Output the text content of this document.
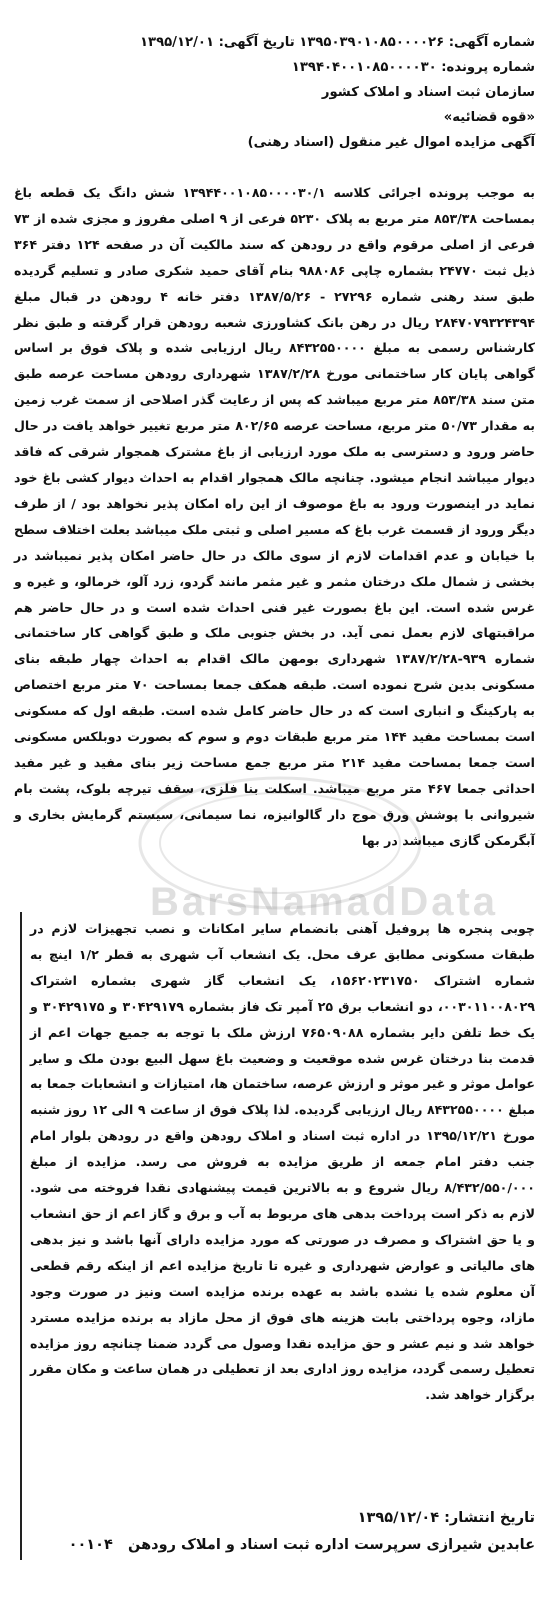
شماره آگهی: ۱۳۹۵۰۳۹۰۱۰۸۵۰۰۰۰۲۶ تاریخ آگهی: ۱۳۹۵/۱۲/۰۱
شماره پرونده: ۱۳۹۴۰۴۰۰۱۰۸۵۰۰۰۰۳۰
سازمان ثبت اسناد و املاک کشور
«قوه قضائیه»
آگهی مزایده اموال غیر منقول (اسناد رهنی)
به موجب پرونده اجرائی کلاسه ۱۳۹۴۴۰۰۱۰۸۵۰۰۰۰۳۰/۱ شش دانگ یک قطعه باغ بمساحت ۸۵۳/۳۸ متر مربع به پلاک ۵۲۳۰ فرعی از ۹ اصلی مفروز و مجزی شده از ۷۳ فرعی از اصلی مرقوم واقع در رودهن که سند مالکیت آن در صفحه ۱۲۴ دفتر ۳۶۴ ذیل ثبت ۲۴۷۷۰ بشماره چاپی ۹۸۸۰۸۶ بنام آقای حمید شکری صادر و تسلیم گردیده طبق سند رهنی شماره ۲۷۲۹۶ - ۱۳۸۷/۵/۲۶ دفتر خانه ۴ رودهن در قبال مبلغ ۲۸۴۷۰۷۹۳۲۴۳۹۴ ریال در رهن بانک کشاورزی شعبه رودهن قرار گرفته و طبق نظر کارشناس رسمی به مبلغ ۸۴۳۲۵۵۰۰۰۰ ریال ارزیابی شده و پلاک فوق بر اساس گواهی پایان کار ساختمانی مورخ ۱۳۸۷/۲/۲۸ شهرداری رودهن مساحت عرصه طبق متن سند ۸۵۳/۳۸ متر مربع میباشد که پس از رعایت گذر اصلاحی از سمت غرب زمین به مقدار ۵۰/۷۳ متر مربع، مساحت عرصه ۸۰۲/۶۵ متر مربع تغییر خواهد یافت در حال حاضر ورود و دسترسی به ملک مورد ارزیابی از باغ مشترک همجوار شرقی که فاقد دیوار میباشد انجام میشود. چنانچه مالک همجوار اقدام به احداث دیوار کشی باغ خود نماید در اینصورت ورود به باغ موصوف از این راه امکان پذیر نخواهد بود / از طرف دیگر ورود از قسمت غرب باغ که مسیر اصلی و ثبتی ملک میباشد بعلت اختلاف سطح با خیابان و عدم اقدامات لازم از سوی مالک در حال حاضر امکان پذیر نمیباشد در بخشی ز شمال ملک درختان مثمر و غیر مثمر مانند گردو، زرد آلو، خرمالو، و غیره و غرس شده است. این باغ بصورت غیر فنی احداث شده است و در حال حاضر هم مراقبتهای لازم بعمل نمی آید. در بخش جنوبی ملک و طبق گواهی کار ساختمانی شماره ۹۳۹-۱۳۸۷/۲/۲۸ شهرداری بومهن مالک اقدام به احداث چهار طبقه بنای مسکونی بدین شرح نموده است. طبقه همکف جمعا بمساحت ۷۰ متر مربع اختصاص به پارکینگ و انباری است که در حال حاضر کامل شده است. طبقه اول که مسکونی است بمساحت مفید ۱۴۴ متر مربع طبقات دوم و سوم که بصورت دوبلکس مسکونی است جمعا بمساحت مفید ۲۱۴ متر مربع جمع مساحت زیر بنای مفید و غیر مفید احداثی جمعا ۴۶۷ متر مربع میباشد. اسکلت بنا فلزی، سقف تیرچه بلوک، پشت بام شیروانی با پوشش ورق موج دار گالوانیزه، نما سیمانی، سیستم گرمایش بخاری و آبگرمکن گازی میباشد در بها
چوبی پنجره ها پروفیل آهنی بانضمام سایر امکانات و نصب تجهیزات لازم در طبقات مسکونی مطابق عرف محل. یک انشعاب آب شهری به قطر ۱/۲ اینچ به شماره اشتراک ۱۵۶۲۰۲۳۱۷۵۰، یک انشعاب گاز شهری بشماره اشتراک ۰۰۳۰۱۱۰۰۸۰۲۹، دو انشعاب برق ۲۵ آمپر تک فاز بشماره ۳۰۴۲۹۱۷۹ و ۳۰۴۲۹۱۷۵ و یک خط تلفن دایر بشماره ۷۶۵۰۹۰۸۸ ارزش ملک با توجه به جمیع جهات اعم از قدمت بنا درختان غرس شده موقعیت و وضعیت باغ سهل البیع بودن ملک و سایر عوامل موثر و غیر موثر و ارزش عرصه، ساختمان ها، امتیازات و انشعابات جمعا به مبلغ ۸۴۳۲۵۵۰۰۰۰ ریال ارزیابی گردیده. لذا پلاک فوق از ساعت ۹ الی ۱۲ روز شنبه مورخ ۱۳۹۵/۱۲/۲۱ در اداره ثبت اسناد و املاک رودهن واقع در رودهن بلوار امام جنب دفتر امام جمعه از طریق مزایده به فروش می رسد. مزایده از مبلغ ۸/۴۳۲/۵۵۰/۰۰۰ ریال شروع و به بالاترین قیمت پیشنهادی نقدا فروخته می شود. لازم به ذکر است پرداخت بدهی های مربوط به آب و برق و گاز اعم از حق انشعاب و یا حق اشتراک و مصرف در صورتی که مورد مزایده دارای آنها باشد و نیز بدهی های مالیاتی و عوارض شهرداری و غیره تا تاریخ مزایده اعم از اینکه رقم قطعی آن معلوم شده یا نشده باشد به عهده برنده مزایده است ونیز در صورت وجود مازاد، وجوه پرداختی بابت هزینه های فوق از محل مازاد به برنده مزایده مسترد خواهد شد و نیم عشر و حق مزایده نقدا وصول می گردد ضمنا چنانچه روز مزایده تعطیل رسمی گردد، مزایده روز اداری بعد از تعطیلی در همان ساعت و مکان مقرر برگزار خواهد شد.
BarsNamadData
تاریخ انتشار: ۱۳۹۵/۱۲/۰۴    عابدین شیرازی سرپرست اداره ثبت اسناد و املاک رودهن   ۰۰۱۰۴
